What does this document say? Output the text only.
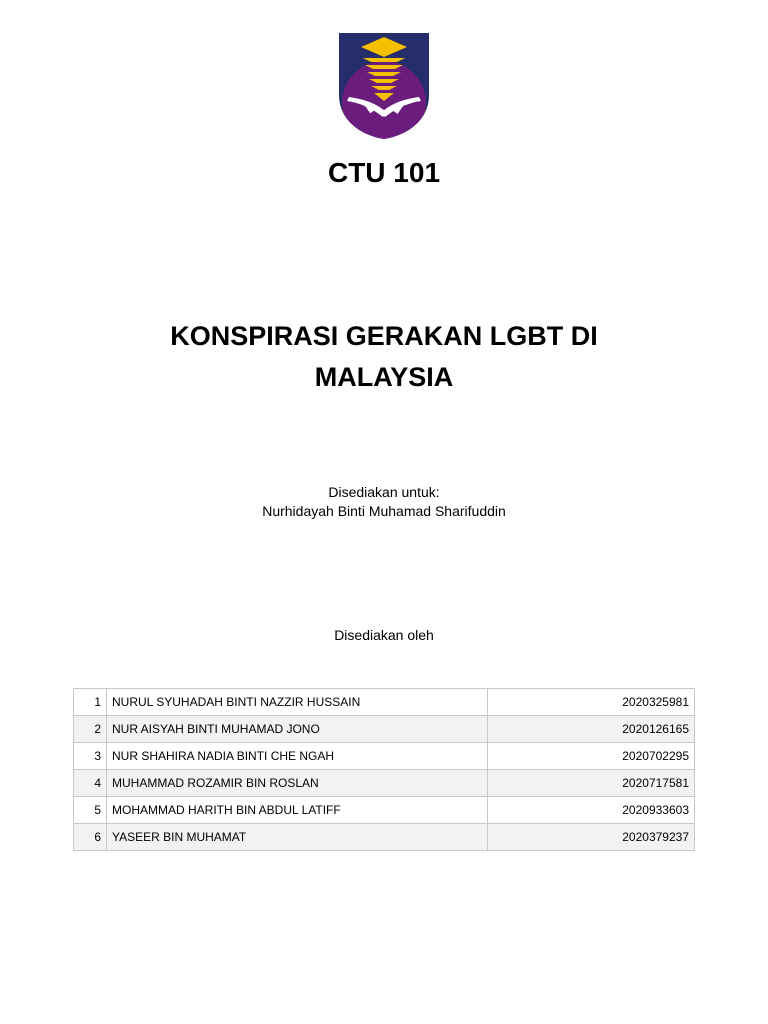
CTU 101
KONSPIRASI GERAKAN LGBT DI
MALAYSIA
Disediakan untuk:
Nurhidayah Binti Muhamad Sharifuddin
Disediakan oleh
1	NURUL SYUHADAH BINTI NAZZIR HUSSAIN	2020325981
2	NUR AISYAH BINTI MUHAMAD JONO	2020126165
3	NUR SHAHIRA NADIA BINTI CHE NGAH	2020702295
4	MUHAMMAD ROZAMIR BIN ROSLAN	2020717581
5	MOHAMMAD HARITH BIN ABDUL LATIFF	2020933603
6	YASEER BIN MUHAMAT	2020379237
